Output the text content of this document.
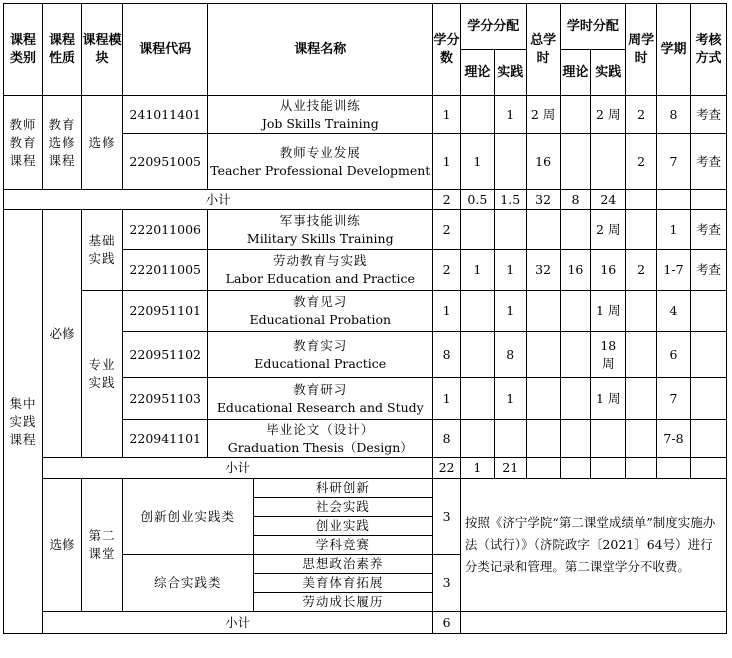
课程类别	课程性质	课程模块	课程代码	课程名称		学分数	学分分配		总学时	学时分配		周学时	学期	考核方式
							理论	实践		理论	实践			
教师教育课程	教育选修课程	选修	241011401	从业技能训练
Job Skills Training		1		1	2 周		2 周	2	8	考查
			220951005	教师专业发展
Teacher Professional Development		1	1		16			2	7	考查
小计						2	0.5	1.5	32	8	24			
集中实践课程	必修	基础实践	222011006	军事技能训练
Military Skills Training		2					2 周		1	考查
			222011005	劳动教育与实践
Labor Education and Practice		2	1	1	32	16	16	2	1-7	考查
		专业实践	220951101	教育见习
Educational Probation		1		1			1 周		4	
			220951102	教育实习
Educational Practice		8		8			18 周		6	
			220951103	教育研习
Educational Research and Study		1		1			1 周		7	
			220941101	毕业论文（设计）
Graduation Thesis（Design）		8							7-8	
	小计					22	1	21						
	选修	第二课堂	创新创业实践类		科研创新	3	按照《济宁学院“第二课堂成绩单”制度实施办法（试行）》（济院政字〔2021〕64号）进行分类记录和管理。第二课堂学分不收费。							
					社会实践									
					创业实践									
					学科竞赛									
			综合实践类		思想政治素养	3								
					美育体育拓展									
					劳动成长履历									
	小计					6								
